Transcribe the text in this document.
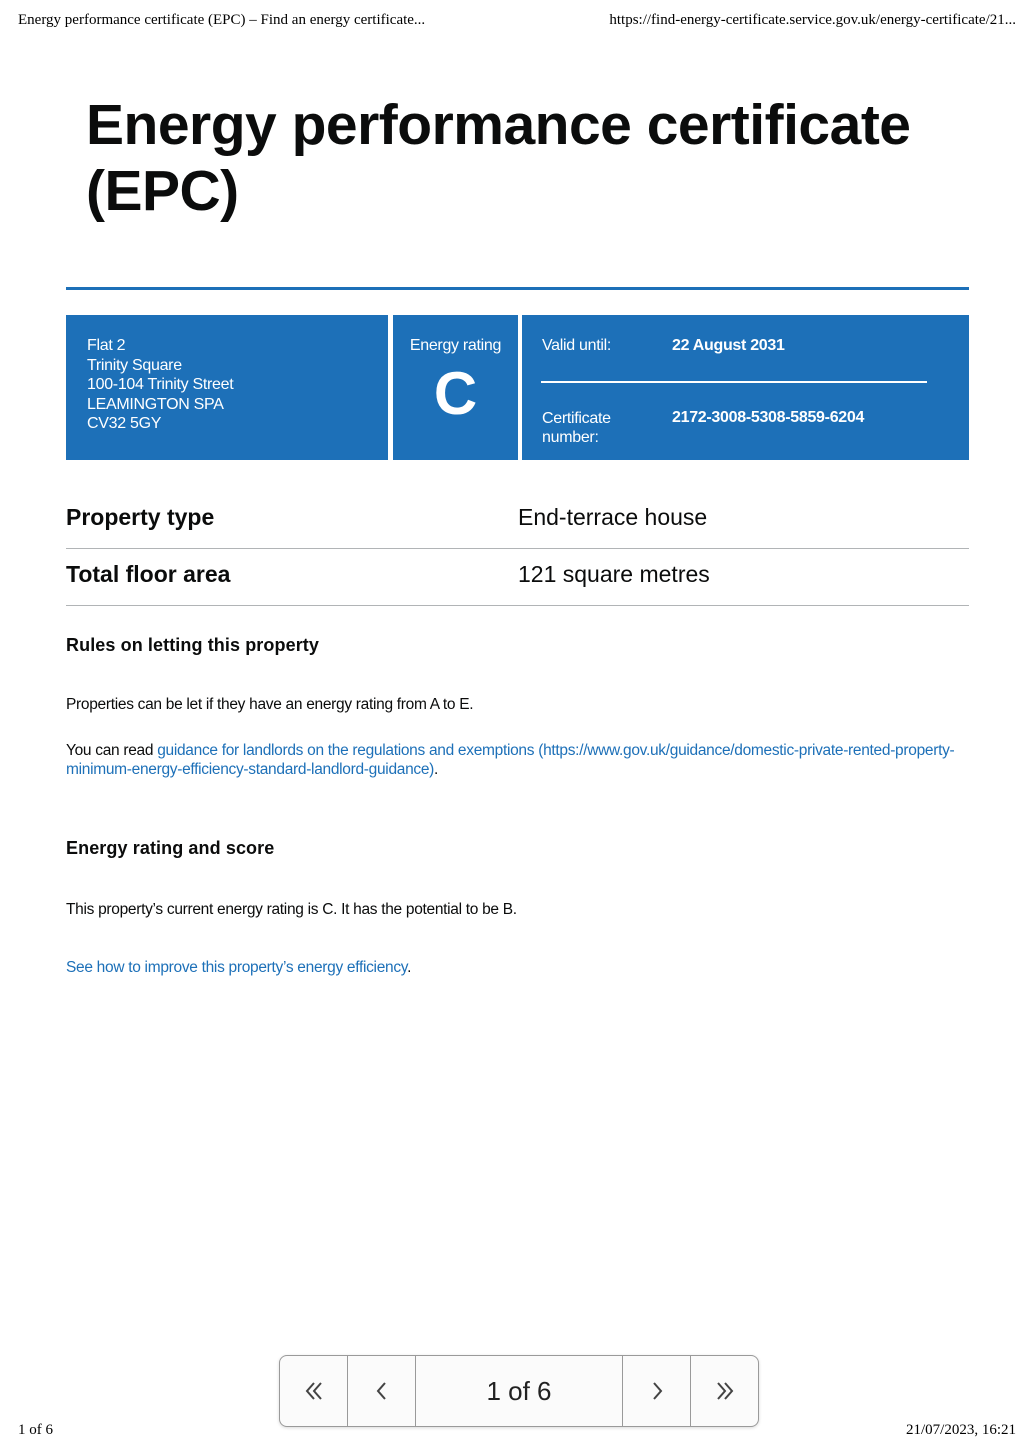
Energy performance certificate (EPC) – Find an energy certificate...	https://find-energy-certificate.service.gov.uk/energy-certificate/21...
Energy performance certificate (EPC)
Flat 2
Trinity Square
100-104 Trinity Street
LEAMINGTON SPA
CV32 5GY
Energy rating
C
Valid until:	22 August 2031
Certificate number:
2172-3008-5308-5859-6204
Property type	End-terrace house
Total floor area	121 square metres
Rules on letting this property

Properties can be let if they have an energy rating from A to E.

You can read guidance for landlords on the regulations and exemptions (https://www.gov.uk/guidance/domestic-private-rented-property-minimum-energy-efficiency-standard-landlord-guidance).

Energy rating and score

This property’s current energy rating is C. It has the potential to be B.

See how to improve this property’s energy efficiency.

1 of 6
1 of 6	21/07/2023, 16:21
